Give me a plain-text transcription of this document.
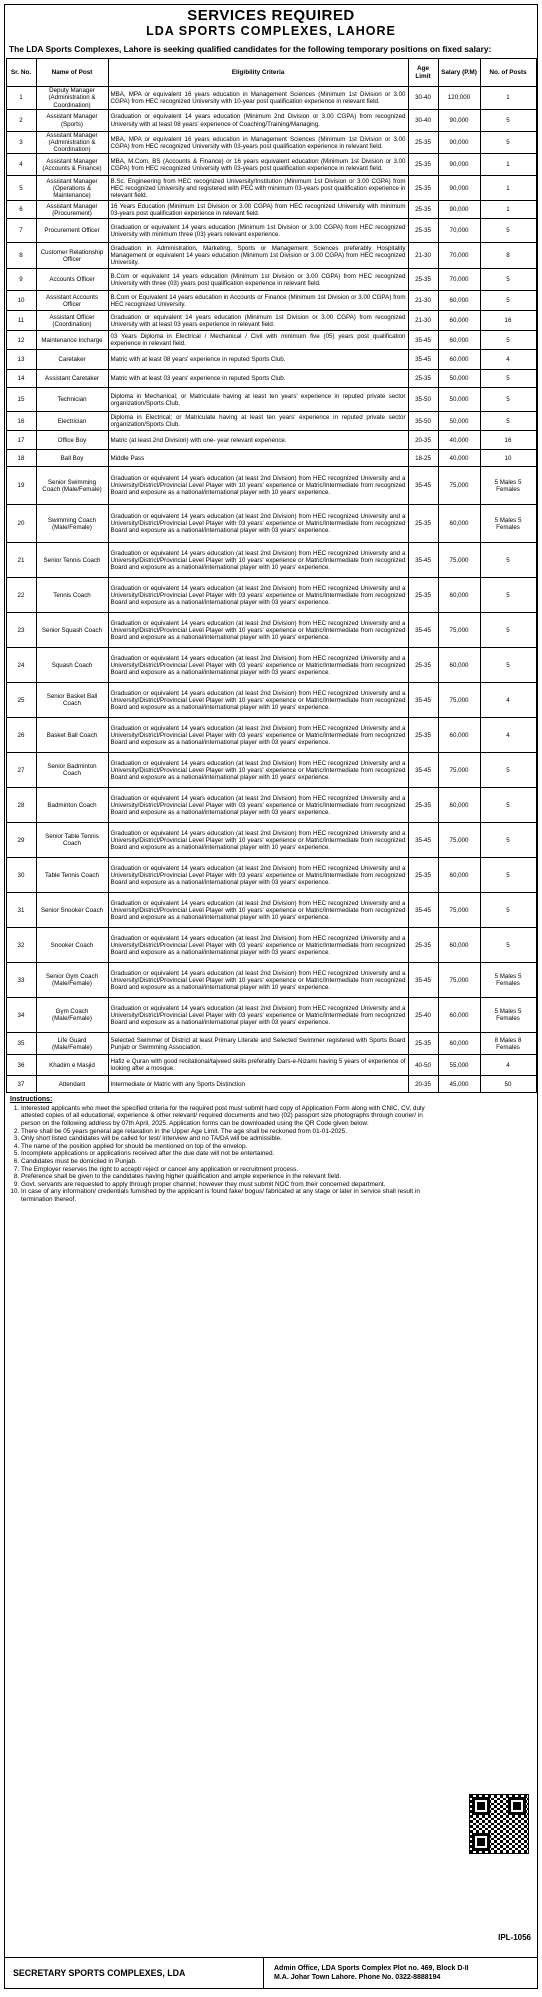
SERVICES REQUIRED
LDA SPORTS COMPLEXES, LAHORE
The LDA Sports Complexes, Lahore is seeking qualified candidates for the following temporary positions on fixed salary:
Sr. No.	Name of Post	Eligibility Criteria	Age Limit	Salary (P.M)	No. of Posts
1	Deputy Manager (Administration & Coordination)	MBA, MPA or equivalent 16 years education in Management Sciences (Minimum 1st Division or 3.00 CGPA) from HEC recognized University with 10-year post qualification experience in relevant field.	30-40	120,000	1
2	Assistant Manager (Sports)	Graduation or equivalent 14 years education (Minimum 2nd Division or 3.00 CGPA) from recognized University with at least 08 years' experience of Coaching/Training/Managing.	30-40	90,000	5
3	Assistant Manager (Administration & Coordination)	MBA, MPA or equivalent 16 years education in Management Sciences (Minimum 1st Division or 3.00 CGPA) from HEC recognized University with 03-years post qualification experience in relevant field.	25-35	90,000	5
4	Assistant Manager (Accounts & Finance)	MBA, M.Com, BS (Accounts & Finance) or 16 years equivalent education (Minimum 1st Division or 3.00 CGPA) from HEC recognized University with 03-years post qualification experience in relevant field.	25-35	90,000	1
5	Assistant Manager (Operations & Maintenance)	B.Sc. Engineering from HEC recognized University/Institution (Minimum 1st Division or 3.00 CGPA) from HEC recognized University and registered with PEC with minimum 03-years post qualification experience in relevant field.	25-35	90,000	1
6	Assistant Manager (Procurement)	16 Years Education (Minimum 1st Division or 3.00 CGPA) from HEC recognized University with minimum 03-years post qualification experience in relevant field.	25-35	90,000	1
7	Procurement Officer	Graduation or equivalent 14 years education (Minimum 1st Division or 3.00 CGPA) from HEC recognized University with minimum three (03) years relevant experience.	25-35	70,000	5
8	Customer Relationship Officer	Graduation in Administration, Marketing, Sports or Management Sciences preferably Hospitality Management or equivalent 14 years education (Minimum 1st Division or 3.00 CGPA) from HEC recognized University.	21-30	70,000	8
9	Accounts Officer	B.Com or equivalent 14 years education (Minimum 1st Division or 3.00 CGPA) from HEC recognized University with three (03) years post qualification experience in relevant field.	25-35	70,000	5
10	Assistant Accounts Officer	B.Com or Equivalent 14 years education in Accounts or Finance (Minimum 1st Division or 3.00 CGPA) from HEC recognized University.	21-30	60,000	5
11	Assistant Officer (Coordination)	Graduation or equivalent 14 years education (Minimum 1st Division or 3.00 CGPA) from recognized University with at least 03 years experience in relevant field.	21-30	60,000	16
12	Maintenance Incharge	03 Years Diploma in Electrical / Mechanical / Civil with minimum five (05) years post qualification experience in relevant field.	35-45	60,000	5
13	Caretaker	Matric with at least 08 years' experience in reputed Sports Club.	35-45	60,000	4
14	Assistant Caretaker	Matric with at least 03 years' experience in reputed Sports Club.	25-35	50,000	5
15	Technician	Diploma in Mechanical; or Matriculate having at least ten years' experience in reputed private sector organization/Sports Club.	35-50	50,000	5
16	Electrician	Diploma in Electrical; or Matriculate having at least ten years' experience in reputed private sector organization/Sports Club.	35-50	50,000	5
17	Office Boy	Matric (at least 2nd Division) with one- year relevant experience.	20-35	40,000	16
18	Ball Boy	Middle Pass	18-25	40,000	10
19	Senior Swimming Coach (Male/Female)	Graduation or equivalent 14 years education (at least 2nd Division) from HEC recognized University and a University/District/Provincial Level Player with 10 years' experience or Matric/Intermediate from recognized Board and exposure as a national/international player with 10 years' experience.	35-45	75,000	5 Males 5 Females
20	Swimming Coach (Male/Female)	Graduation or equivalent 14 years education (at least 2nd Division) from HEC recognized University and a University/District/Provincial Level Player with 03 years' experience or Matric/Intermediate from recognized Board and exposure as a national/international player with 03 years' experience.	25-35	60,000	5 Males 5 Females
21	Senior Tennis Coach	Graduation or equivalent 14 years education (at least 2nd Division) from HEC recognized University and a University/District/Provincial Level Player with 10 years' experience or Matric/Intermediate from recognized Board and exposure as a national/international player with 10 years' experience.	35-45	75,000	5
22	Tennis Coach	Graduation or equivalent 14 years education (at least 2nd Division) from HEC recognized University and a University/District/Provincial Level Player with 03 years' experience or Matric/Intermediate from recognized Board and exposure as a national/international player with 03 years' experience.	25-35	60,000	5
23	Senior Squash Coach	Graduation or equivalent 14 years education (at least 2nd Division) from HEC recognized University and a University/District/Provincial Level Player with 10 years' experience or Matric/Intermediate from recognized Board and exposure as a national/international player with 10 years' experience.	35-45	75,000	5
24	Squash Coach	Graduation or equivalent 14 years education (at least 2nd Division) from HEC recognized University and a University/District/Provincial Level Player with 03 years' experience or Matric/Intermediate from recognized Board and exposure as a national/international player with 03 years' experience.	25-35	60,000	5
25	Senior Basket Ball Coach	Graduation or equivalent 14 years education (at least 2nd Division) from HEC recognized University and a University/District/Provincial Level Player with 10 years' experience or Matric/Intermediate from recognized Board and exposure as a national/international player with 10 years' experience.	35-45	75,000	4
26	Basket Ball Coach	Graduation or equivalent 14 years education (at least 2nd Division) from HEC recognized University and a University/District/Provincial Level Player with 03 years' experience or Matric/Intermediate from recognized Board and exposure as a national/international player with 03 years' experience.	25-35	60,000	4
27	Senior Badminton Coach	Graduation or equivalent 14 years education (at least 2nd Division) from HEC recognized University and a University/District/Provincial Level Player with 10 years' experience or Matric/Intermediate from recognized Board and exposure as a national/international player with 10 years' experience.	35-45	75,000	5
28	Badminton Coach	Graduation or equivalent 14 years education (at least 2nd Division) from HEC recognized University and a University/District/Provincial Level Player with 03 years' experience or Matric/Intermediate from recognized Board and exposure as a national/international player with 03 years' experience.	25-35	60,000	5
29	Senior Table Tennis Coach	Graduation or equivalent 14 years education (at least 2nd Division) from HEC recognized University and a University/District/Provincial Level Player with 10 years' experience or Matric/Intermediate from recognized Board and exposure as a national/international player with 10 years' experience.	35-45	75,000	5
30	Table Tennis Coach	Graduation or equivalent 14 years education (at least 2nd Division) from HEC recognized University and a University/District/Provincial Level Player with 03 years' experience or Matric/Intermediate from recognized Board and exposure as a national/international player with 03 years' experience.	25-35	60,000	5
31	Senior Snooker Coach	Graduation or equivalent 14 years education (at least 2nd Division) from HEC recognized University and a University/District/Provincial Level Player with 10 years' experience or Matric/Intermediate from recognized Board and exposure as a national/international player with 10 years' experience.	35-45	75,000	5
32	Snooker Coach	Graduation or equivalent 14 years education (at least 2nd Division) from HEC recognized University and a University/District/Provincial Level Player with 03 years' experience or Matric/Intermediate from recognized Board and exposure as a national/international player with 03 years' experience.	25-35	60,000	5
33	Senior Gym Coach (Male/Female)	Graduation or equivalent 14 years education (at least 2nd Division) from HEC recognized University and a University/District/Provincial Level Player with 10 years' experience or Matric/Intermediate from recognized Board and exposure as a national/international player with 10 years' experience.	35-45	75,000	5 Males 5 Females
34	Gym Coach (Male/Female)	Graduation or equivalent 14 years education (at least 2nd Division) from HEC recognized University and a University/District/Provincial Level Player with 03 years' experience or Matric/Intermediate from recognized Board and exposure as a national/international player with 03 years' experience.	25-40	60,000	5 Males 5 Females
35	Life Guard (Male/Female)	Selected Swimmer of District at least Primary Literate and Selected Swimmer registered with Sports Board Punjab or Swimming Association.	25-35	60,000	8 Males 8 Females
36	Khadim e Masjid	Hafiz e Quran with good recitational/tajveed skills preferably Dars-e-Nizami having 5 years of experience of looking after a mosque.	40-50	55,000	4
37	Attendant	Intermediate or Matric with any Sports Distinction	20-35	45,000	50
Instructions:
1. Interested applicants who meet the specified criteria for the required post must submit hard copy of Application Form along with CNIC, CV, duly attested copies of all educational, experience & other relevant/ required documents and two (02) passport size photographs through courier/ in person on the following address by 07th April, 2025. Application forms can be downloaded using the QR Code given below:
2. There shall be 05 years general age relaxation in the Upper Age Limit. The age shall be reckoned from 01-01-2025.
3. Only short listed candidates will be called for test/ interview and no TA/DA will be admissible.
4. The name of the position applied for should be mentioned on top of the envelop.
5. Incomplete applications or applications received after the due date will not be entertained.
6. Candidates must be domiciled in Punjab.
7. The Employer reserves the right to accept/ reject or cancel any application or recruitment process.
8. Preference shall be given to the candidates having higher qualification and ample experience in the relevant field.
9. Govt. servants are requested to apply through proper channel; however they must submit NOC from their concerned department.
10. In case of any information/ credentials furnished by the applicant is found fake/ bogus/ fabricated at any stage or later in service shall result in termination thereof.
IPL-1056
SECRETARY SPORTS COMPLEXES, LDA	Admin Office, LDA Sports Complex Plot no. 469, Block D-II
M.A. Johar Town Lahore. Phone No. 0322-8888194
